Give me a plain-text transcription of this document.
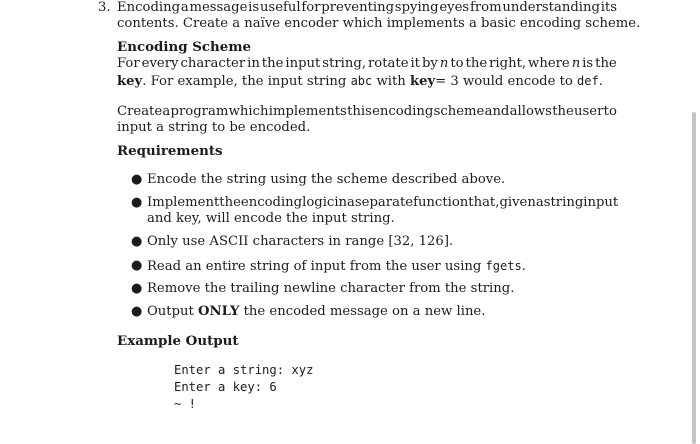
3. Encoding a message is useful for preventing spying eyes from understanding its
contents. Create a naïve encoder which implements a basic encoding scheme.
Encoding Scheme
For every character in the input string, rotate it by n to the right, where n is the
key. For example, the input string abc with key= 3 would encode to def.
Create a program which implements this encoding scheme and allows the user to
input a string to be encoded.
Requirements
● Encode the string using the scheme described above.
● Implement the encoding logic in a separate function that, given a string input
and key, will encode the input string.
● Only use ASCII characters in range [32, 126].
● Read an entire string of input from the user using fgets.
● Remove the trailing newline character from the string.
● Output ONLY the encoded message on a new line.
Example Output
Enter a string: xyz
Enter a key: 6
~ !
